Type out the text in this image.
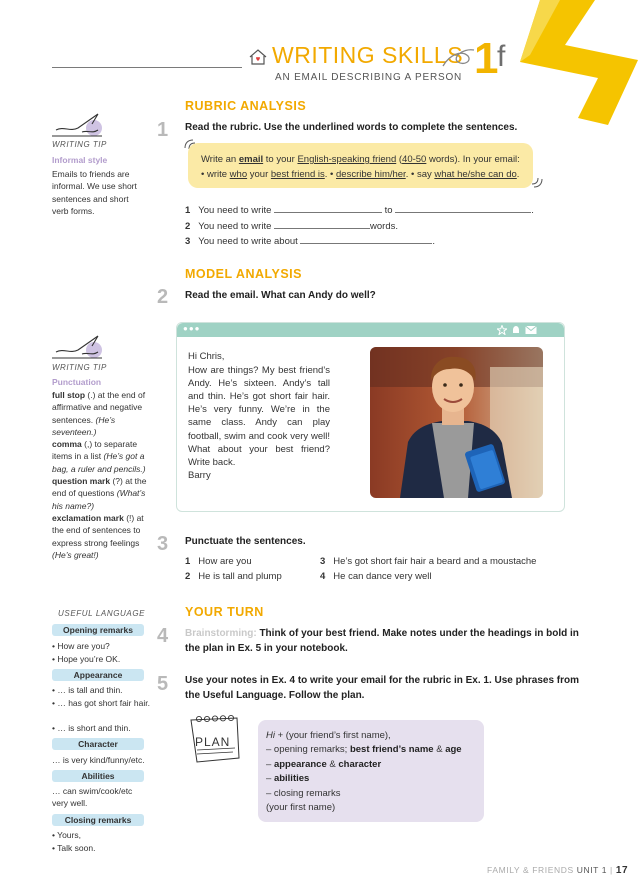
WRITING SKILLS 1
f
AN EMAIL DESCRIBING A PERSON
WRITING TIP
Informal style
Emails to friends are informal. We use short sentences and short verb forms.
RUBRIC ANALYSIS
1 Read the rubric. Use the underlined words to complete the sentences.
Write an email to your English-speaking friend (40-50 words). In your email:
• write who your best friend is. • describe him/her. • say what he/she can do.
1 You need to write	to	.
2 You need to write	words.
3 You need to write about	.
MODEL ANALYSIS
2 Read the email. What can Andy do well?
●●●
Hi Chris,
How are things? My best friend’s Andy. He’s sixteen. Andy’s tall and thin. He’s got short fair hair. He’s very funny. We’re in the same class. Andy can play football, swim and cook very well! What about your best friend? Write back.
Barry
WRITING TIP
Punctuation
full stop (.) at the end of affirmative and negative sentences. (He’s seventeen.)
comma (,) to separate items in a list (He’s got a bag, a ruler and pencils.)
question mark (?) at the end of questions (What’s his name?)
exclamation mark (!) at the end of sentences to express strong feelings (He’s great!)	3 Punctuate the sentences.
1 How are you
2 He is tall and plump
3 He’s got short fair hair a beard and a moustache
4 He can dance very well
USEFUL LANGUAGE
Opening remarks
• How are you?
• Hope you’re OK.
Appearance
• … is tall and thin.
• … has got short fair hair.
• … is short and thin.
Character
… is very kind/funny/etc.
Abilities
… can swim/cook/etc very well.
Closing remarks
• Yours,
• Talk soon.
YOUR TURN
4 Brainstorming: Think of your best friend. Make notes under the headings in bold in the plan in Ex. 5 in your notebook.
5 Use your notes in Ex. 4 to write your email for the rubric in Ex. 1. Use phrases from the Useful Language. Follow the plan.
PLAN	Hi + (your friend’s first name),
– opening remarks; best friend’s name & age
– appearance & character
– abilities
– closing remarks
(your first name)
FAMILY & FRIENDS UNIT 1 | 17
